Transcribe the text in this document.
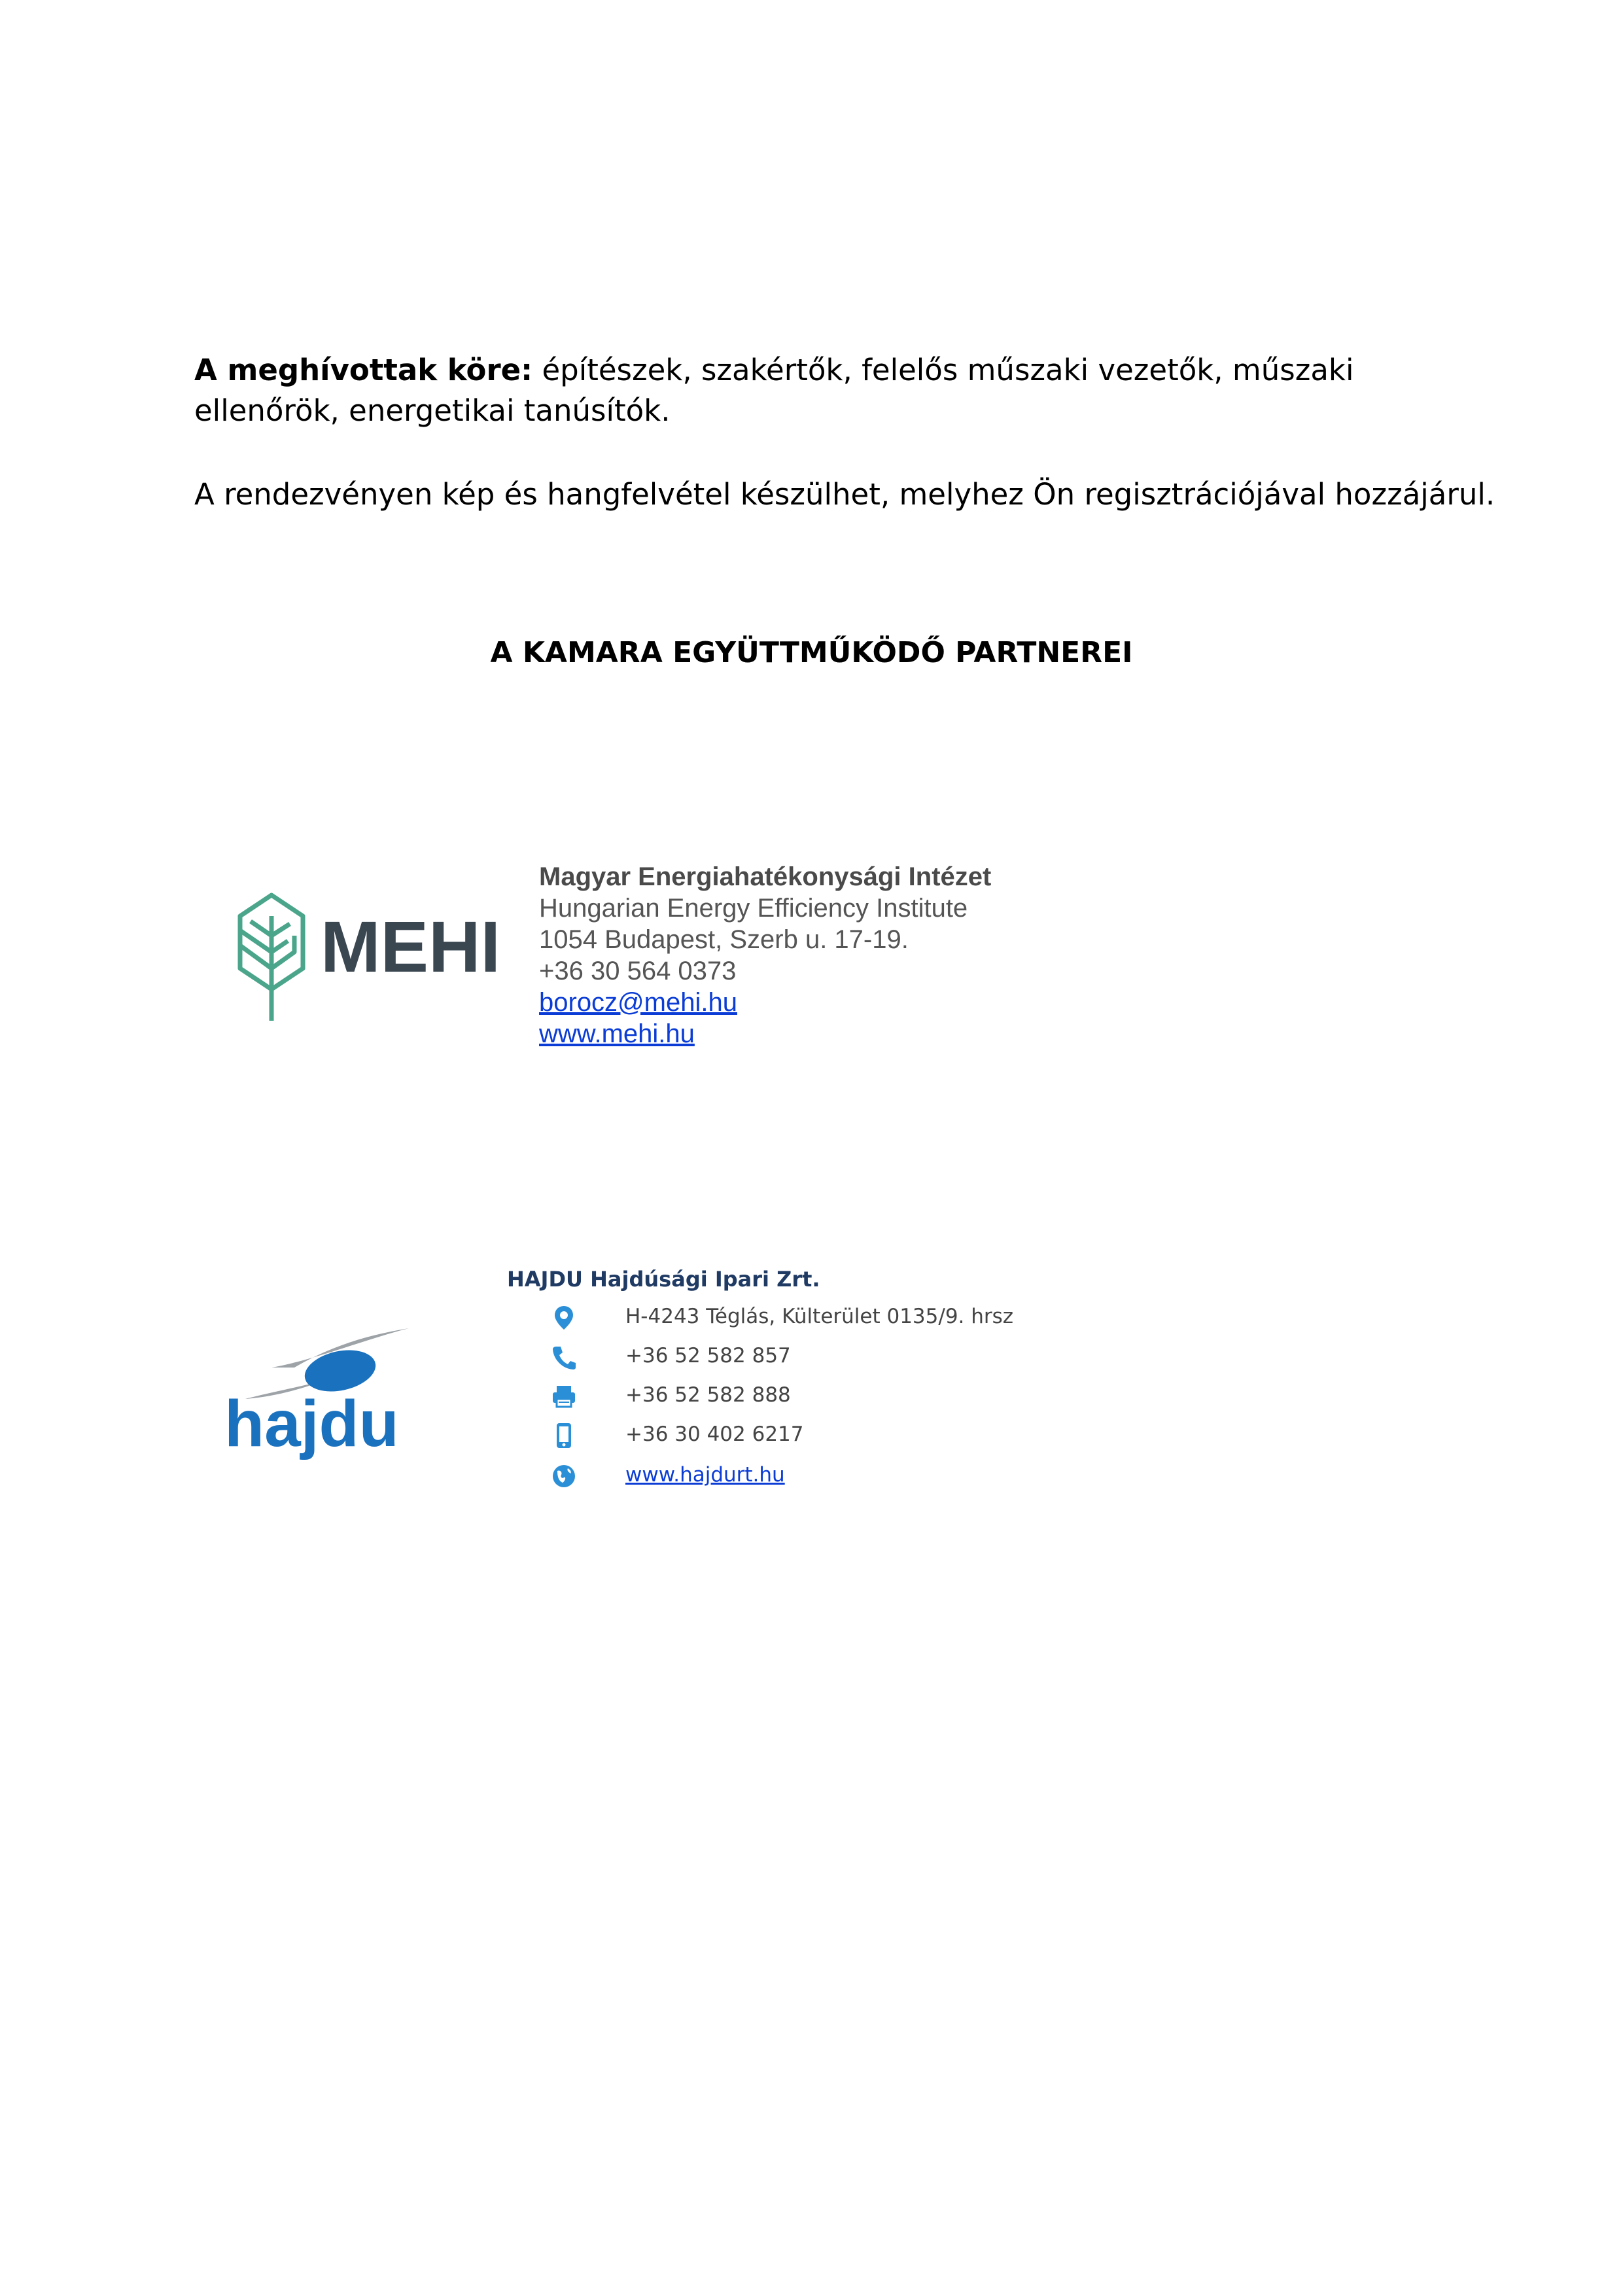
A meghívottak köre: építészek, szakértők, felelős műszaki vezetők, műszaki ellenőrök, energetikai tanúsítók.
A rendezvényen kép és hangfelvétel készülhet, melyhez Ön regisztrációjával hozzájárul.
A KAMARA EGYÜTTMŰKÖDŐ PARTNEREI
MEHI
Magyar Energiahatékonysági Intézet
Hungarian Energy Efficiency Institute
1054 Budapest, Szerb u. 17-19.
+36 30 564 0373
borocz@mehi.hu
www.mehi.hu
hajdu
HAJDU Hajdúsági Ipari Zrt.
H-4243 Téglás, Külterület 0135/9. hrsz
+36 52 582 857
+36 52 582 888
+36 30 402 6217
www.hajdurt.hu
